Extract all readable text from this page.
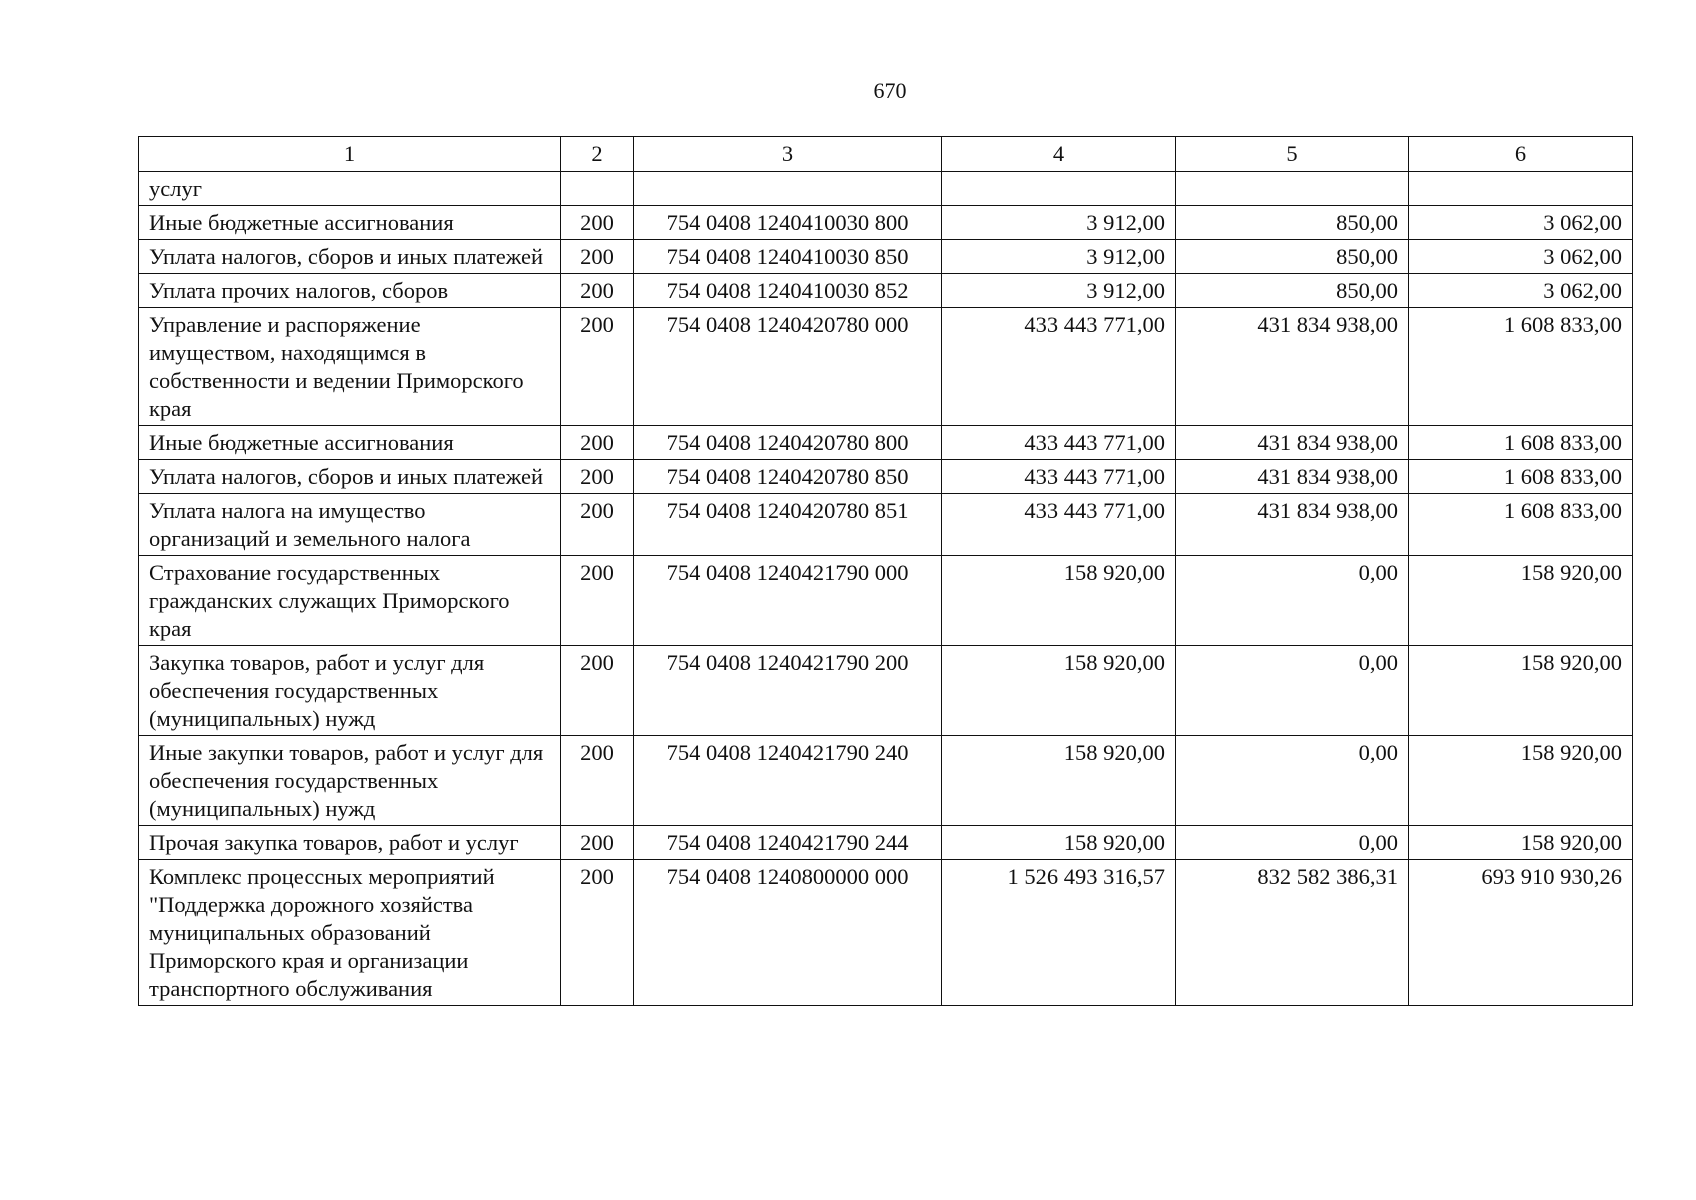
670
1	2	3	4	5	6
услуг					
Иные бюджетные ассигнования	200	754 0408 1240410030 800	3 912,00	850,00	3 062,00
Уплата налогов, сборов и иных платежей	200	754 0408 1240410030 850	3 912,00	850,00	3 062,00
Уплата прочих налогов, сборов	200	754 0408 1240410030 852	3 912,00	850,00	3 062,00
Управление и распоряжение имуществом, находящимся в собственности и ведении Приморского края	200	754 0408 1240420780 000	433 443 771,00	431 834 938,00	1 608 833,00
Иные бюджетные ассигнования	200	754 0408 1240420780 800	433 443 771,00	431 834 938,00	1 608 833,00
Уплата налогов, сборов и иных платежей	200	754 0408 1240420780 850	433 443 771,00	431 834 938,00	1 608 833,00
Уплата налога на имущество организаций и земельного налога	200	754 0408 1240420780 851	433 443 771,00	431 834 938,00	1 608 833,00
Страхование государственных гражданских служащих Приморского края	200	754 0408 1240421790 000	158 920,00	0,00	158 920,00
Закупка товаров, работ и услуг для обеспечения государственных (муниципальных) нужд	200	754 0408 1240421790 200	158 920,00	0,00	158 920,00
Иные закупки товаров, работ и услуг для обеспечения государственных (муниципальных) нужд	200	754 0408 1240421790 240	158 920,00	0,00	158 920,00
Прочая закупка товаров, работ и услуг	200	754 0408 1240421790 244	158 920,00	0,00	158 920,00
Комплекс процессных мероприятий "Поддержка дорожного хозяйства муниципальных образований Приморского края и организации транспортного обслуживания	200	754 0408 1240800000 000	1 526 493 316,57	832 582 386,31	693 910 930,26
